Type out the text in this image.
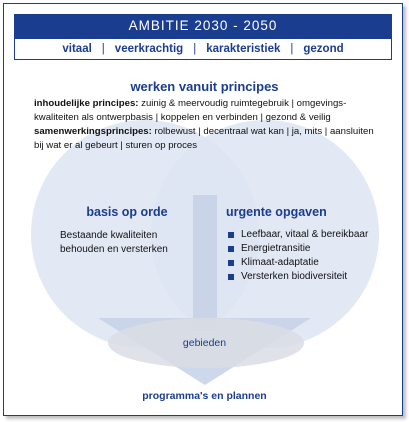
AMBITIE 2030 - 2050
vitaal | veerkrachtig | karakteristiek | gezond
werken vanuit principes
inhoudelijke principes: zuinig & meervoudig ruimtegebruik | omgevings- kwaliteiten als ontwerpbasis | koppelen en verbinden | gezond & veilig
samenwerkingsprincipes: rolbewust | decentraal wat kan | ja, mits | aansluiten bij wat er al gebeurt | sturen op proces
basis op orde
Bestaande kwaliteiten
behouden en versterken
urgente opgaven
Leefbaar, vitaal & bereikbaar
Energietransitie
Klimaat-adaptatie
Versterken biodiversiteit
gebieden
programma's en plannen
